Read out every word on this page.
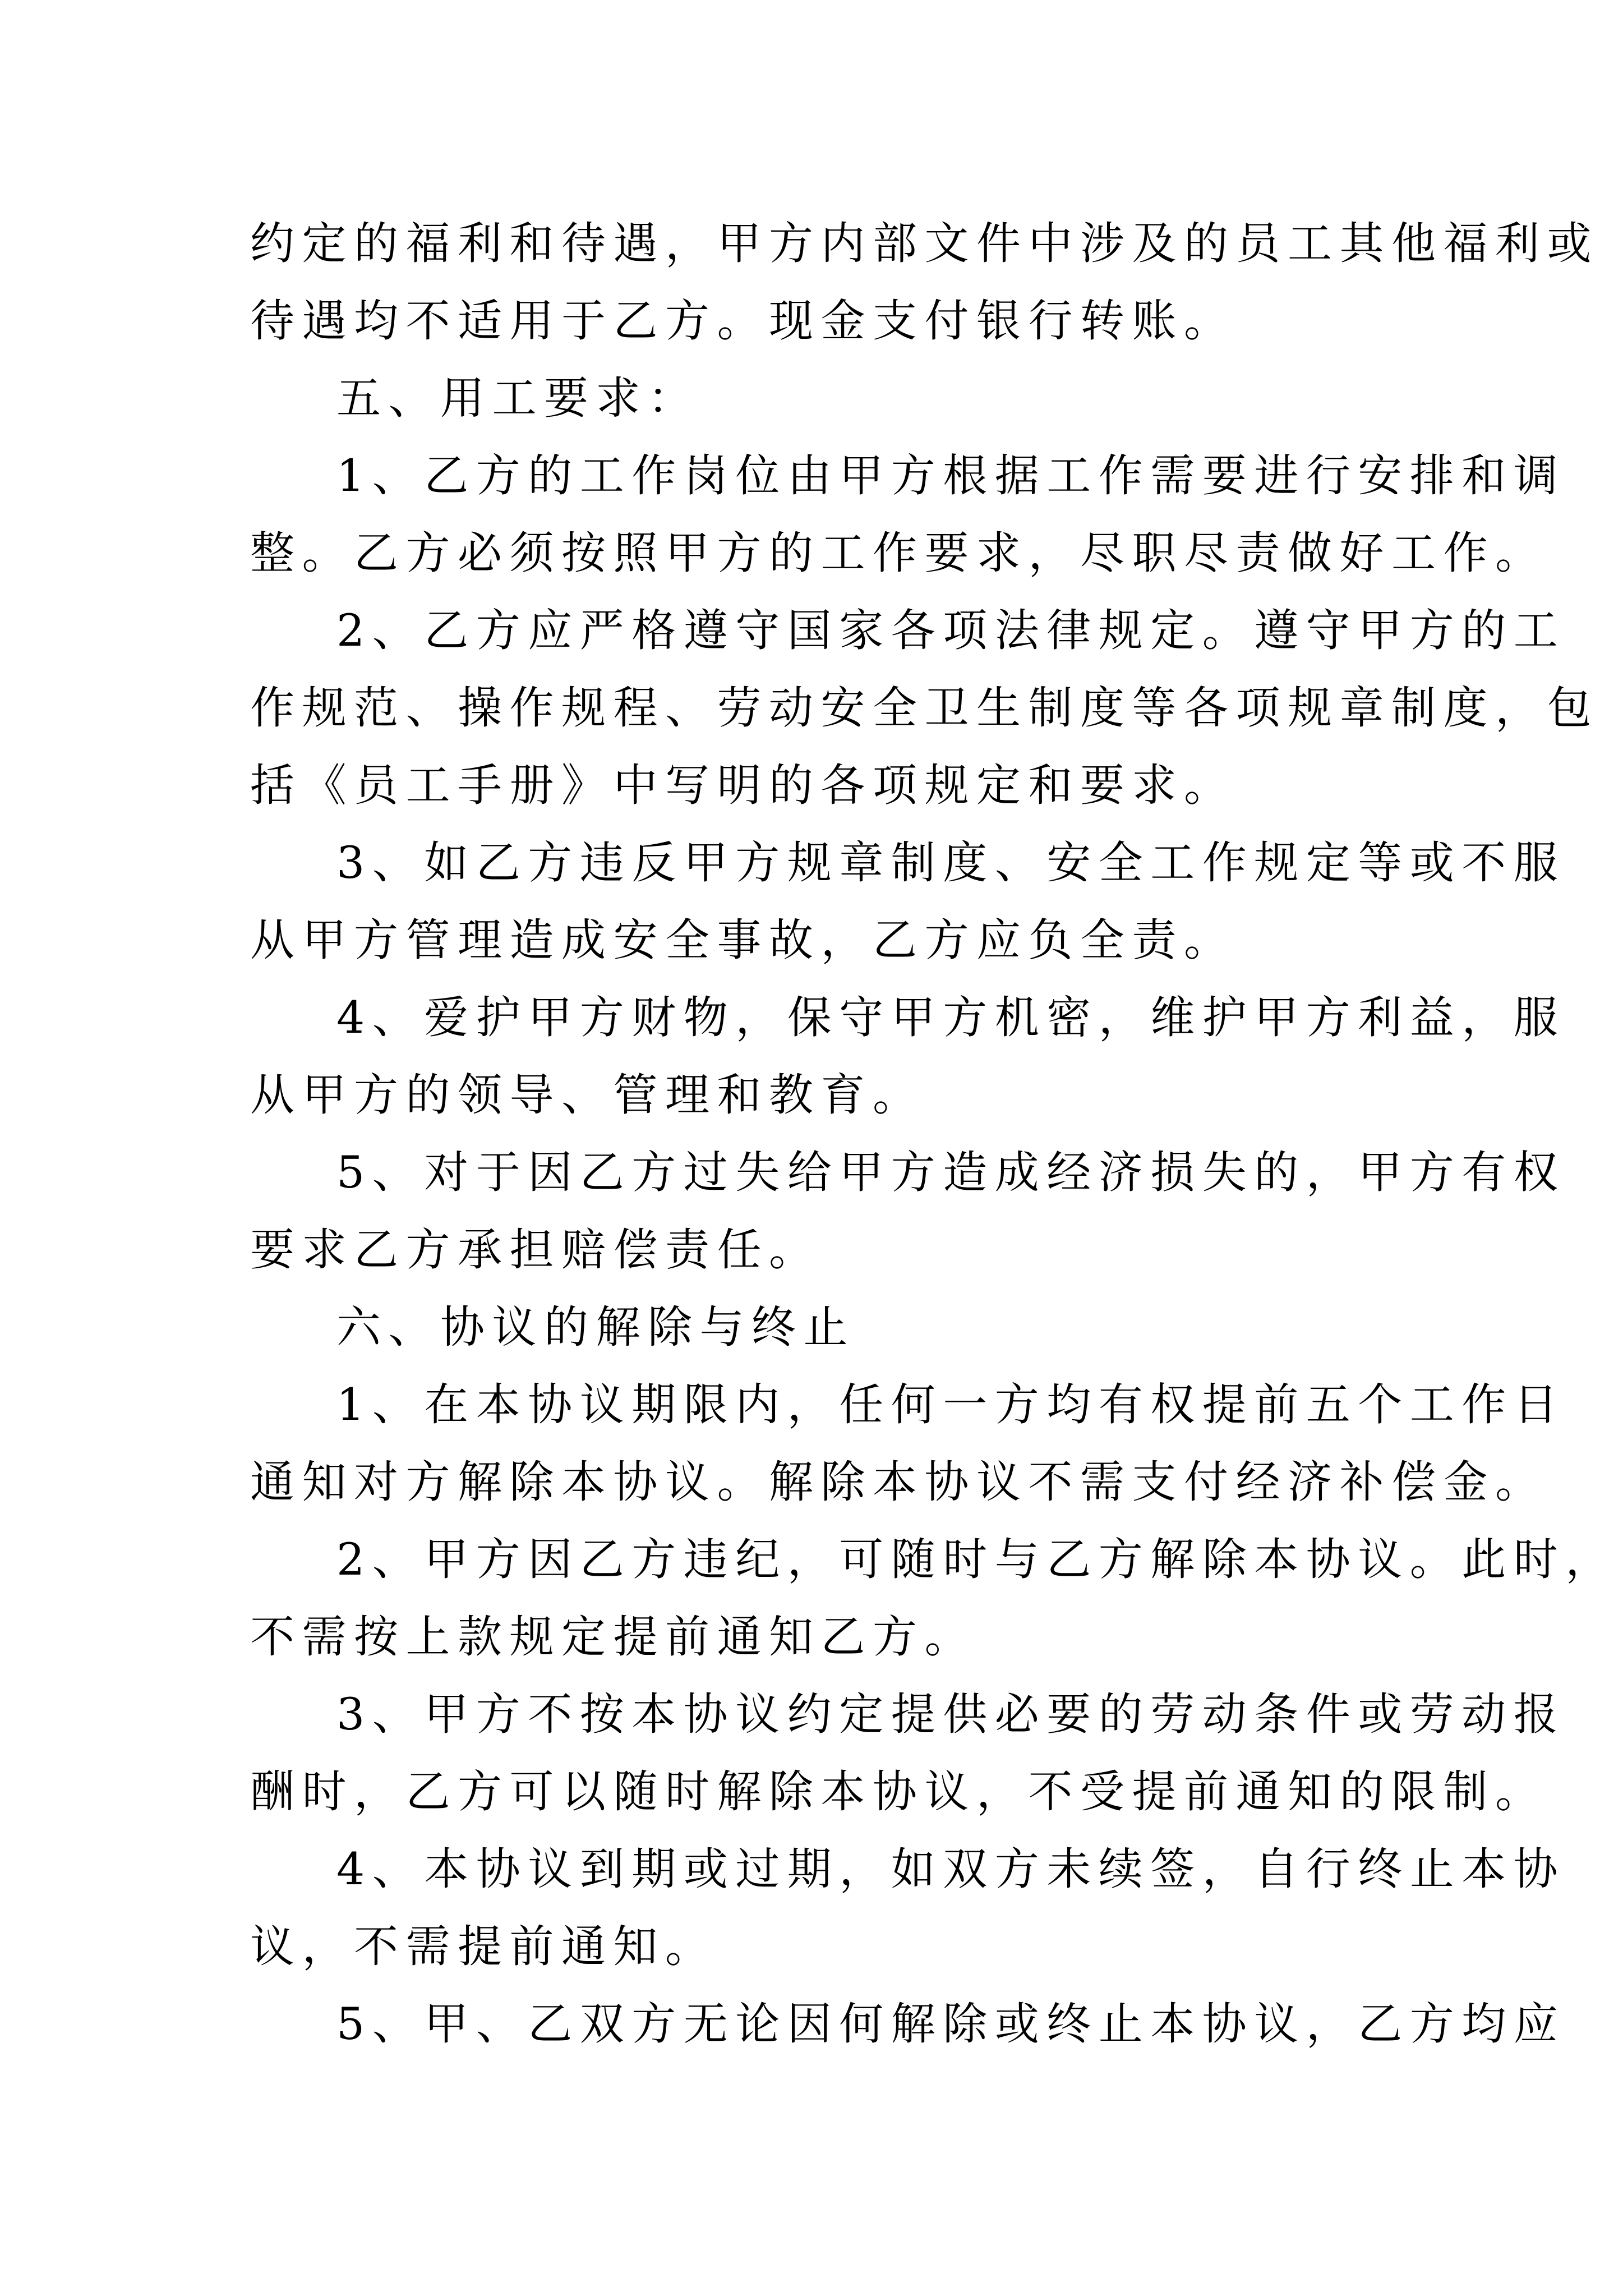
约定的福利和待遇，甲方内部文件中涉及的员工其他福利或
待遇均不适用于乙方。现金支付银行转账。
五、用工要求：
1、乙方的工作岗位由甲方根据工作需要进行安排和调
整。乙方必须按照甲方的工作要求，尽职尽责做好工作。
2、乙方应严格遵守国家各项法律规定。遵守甲方的工
作规范、操作规程、劳动安全卫生制度等各项规章制度，包
括《员工手册》中写明的各项规定和要求。
3、如乙方违反甲方规章制度、安全工作规定等或不服
从甲方管理造成安全事故，乙方应负全责。
4、爱护甲方财物，保守甲方机密，维护甲方利益，服
从甲方的领导、管理和教育。
5、对于因乙方过失给甲方造成经济损失的，甲方有权
要求乙方承担赔偿责任。
六、协议的解除与终止
1、在本协议期限内，任何一方均有权提前五个工作日
通知对方解除本协议。解除本协议不需支付经济补偿金。
2、甲方因乙方违纪，可随时与乙方解除本协议。此时，
不需按上款规定提前通知乙方。
3、甲方不按本协议约定提供必要的劳动条件或劳动报
酬时，乙方可以随时解除本协议，不受提前通知的限制。
4、本协议到期或过期，如双方未续签，自行终止本协
议，不需提前通知。
5、甲、乙双方无论因何解除或终止本协议，乙方均应
